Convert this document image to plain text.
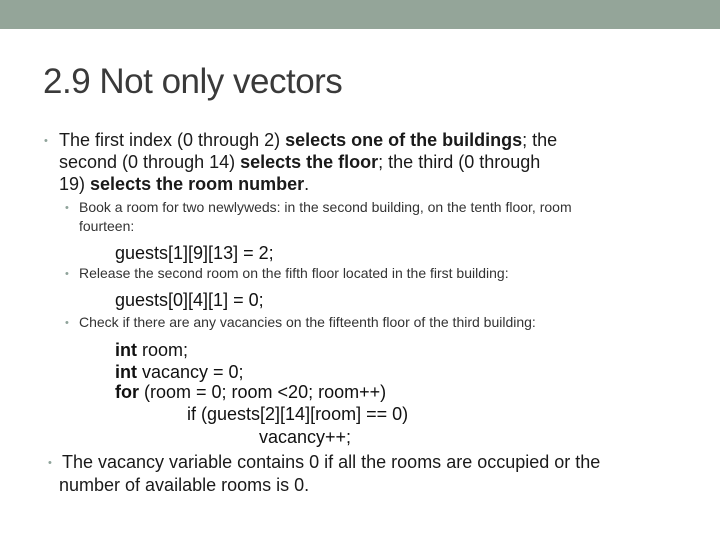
2.9 Not only vectors
• The first index (0 through 2) selects one of the buildings; the
second (0 through 14) selects the floor; the third (0 through
19) selects the room number.
• Book a room for two newlyweds: in the second building, on the tenth floor, room
fourteen:
guests[1][9][13] = 2;
• Release the second room on the fifth floor located in the first building:
guests[0][4][1] = 0;
• Check if there are any vacancies on the fifteenth floor of the third building:
int room;
int vacancy = 0;
for (room = 0; room <20; room++)
if (guests[2][14][room] == 0)
vacancy++;
• The vacancy variable contains 0 if all the rooms are occupied or the
number of available rooms is 0.
